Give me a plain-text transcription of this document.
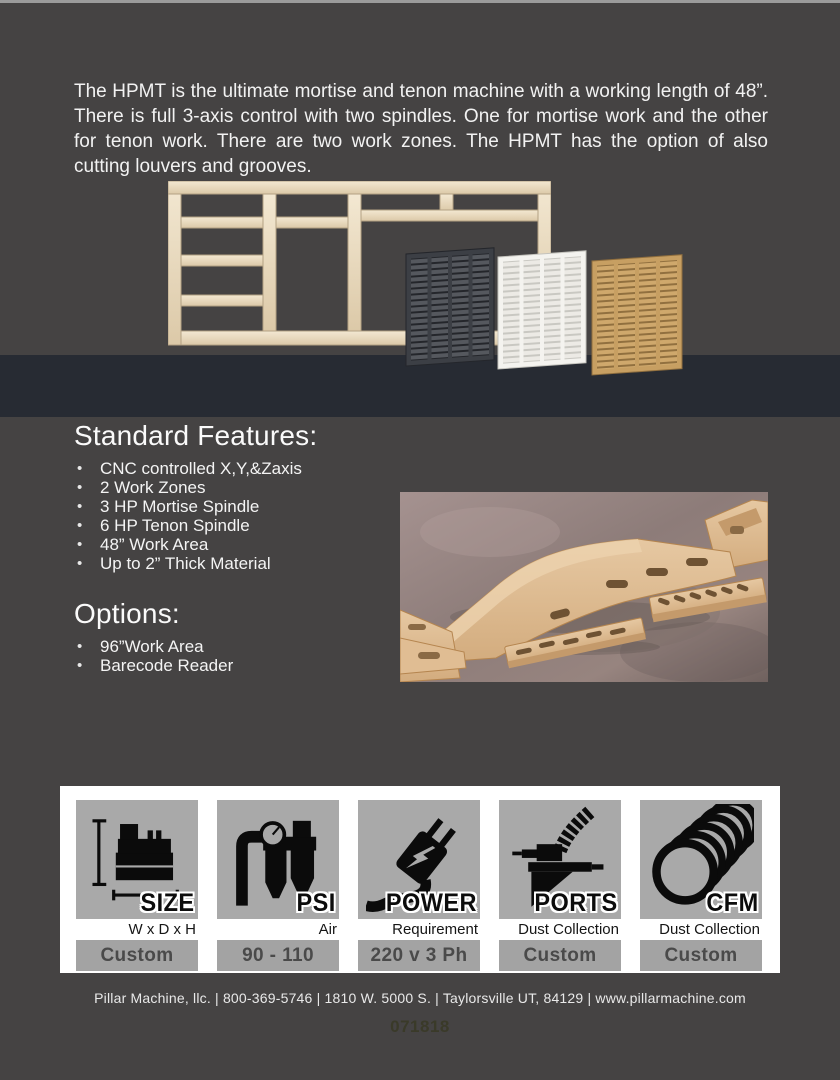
The HPMT is the ultimate mortise and tenon machine with a working length of 48”. There is full 3-axis control with two spindles. One for mortise work and the other for tenon work. There are two work zones. The HPMT has the option of also cutting louvers and grooves.

Standard Features:
• CNC controlled X,Y,&Zaxis
• 2 Work Zones
• 3 HP Mortise Spindle
• 6 HP Tenon Spindle
• 48” Work Area
• Up to 2” Thick Material
Options:
• 96”Work Area
• Barecode Reader
SIZE
W x D x H
Custom
PSI
Air
90 - 110
POWER
Requirement
220 v 3 Ph
PORTS
Dust Collection
Custom
CFM
Dust Collection
Custom
Pillar Machine, llc. | 800-369-5746 | 1810 W. 5000 S. | Taylorsville UT, 84129 | www.pillarmachine.com
071818
